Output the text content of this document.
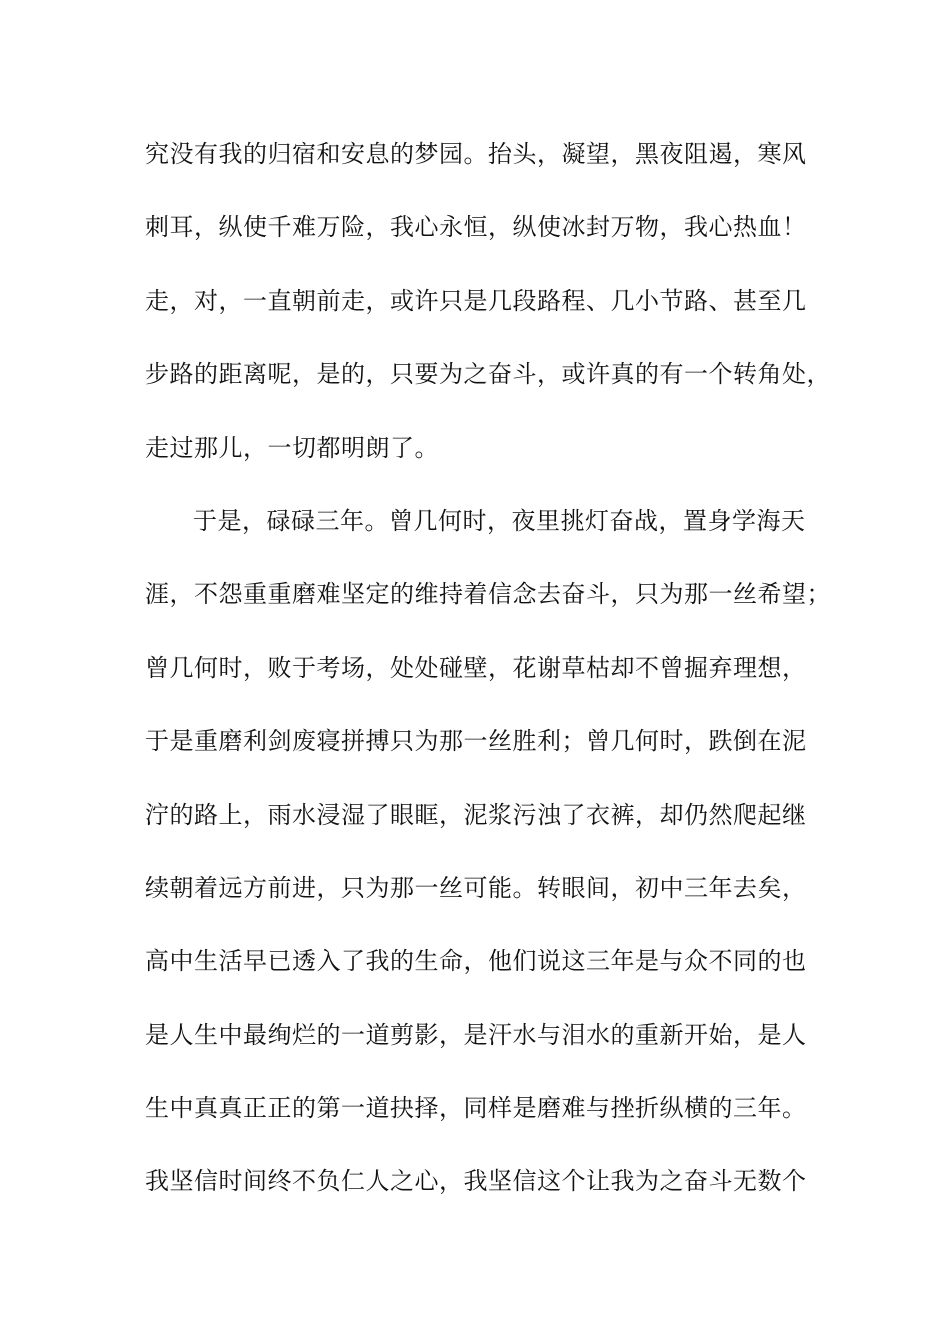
究没有我的归宿和安息的梦园。抬头，凝望，黑夜阻遏，寒风
刺耳，纵使千难万险，我心永恒，纵使冰封万物，我心热血！
走，对，一直朝前走，或许只是几段路程、几小节路、甚至几
步路的距离呢，是的，只要为之奋斗，或许真的有一个转角处，
走过那儿，一切都明朗了。
于是，碌碌三年。曾几何时，夜里挑灯奋战，置身学海天
涯，不怨重重磨难坚定的维持着信念去奋斗，只为那一丝希望；
曾几何时，败于考场，处处碰壁，花谢草枯却不曾掘弃理想，
于是重磨利剑废寝拼搏只为那一丝胜利；曾几何时，跌倒在泥
泞的路上，雨水浸湿了眼眶，泥浆污浊了衣裤，却仍然爬起继
续朝着远方前进，只为那一丝可能。转眼间，初中三年去矣，
高中生活早已透入了我的生命，他们说这三年是与众不同的也
是人生中最绚烂的一道剪影，是汗水与泪水的重新开始，是人
生中真真正正的第一道抉择，同样是磨难与挫折纵横的三年。
我坚信时间终不负仁人之心，我坚信这个让我为之奋斗无数个
